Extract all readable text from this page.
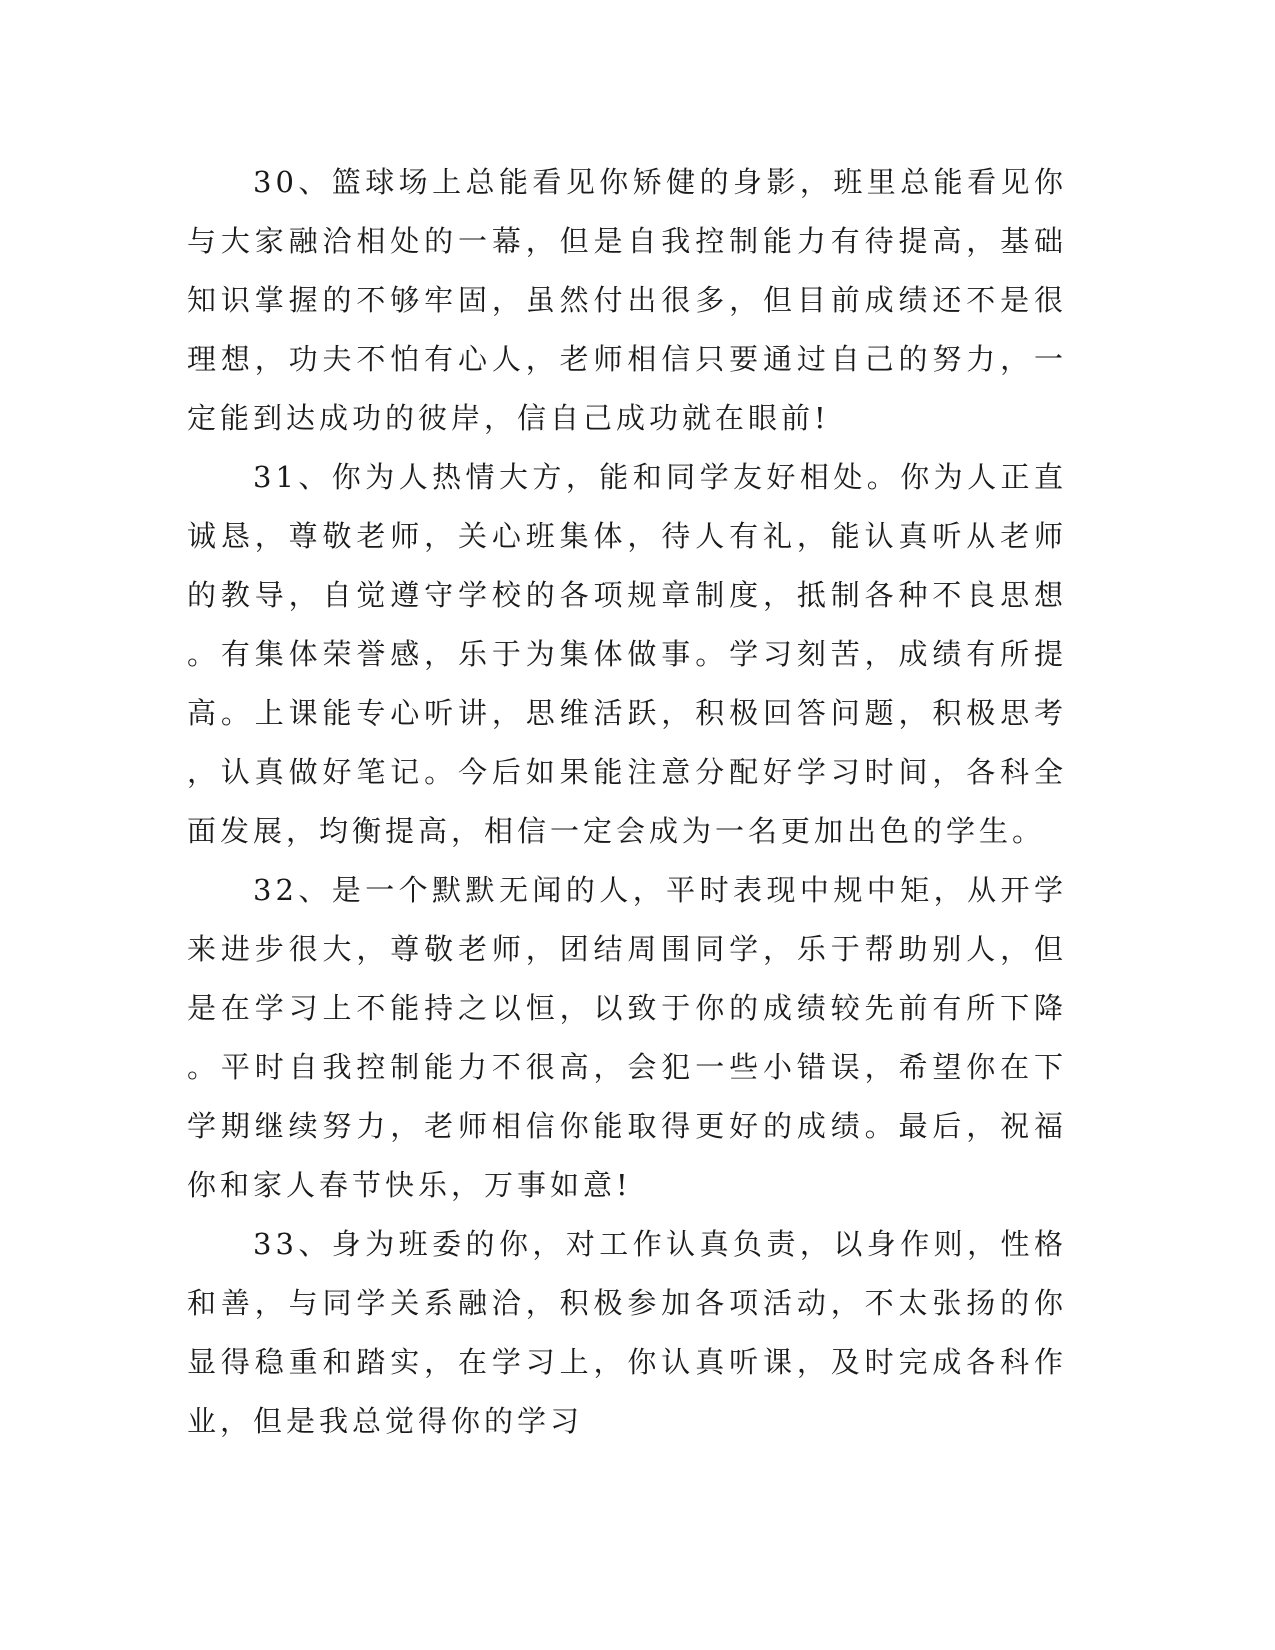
30、篮球场上总能看见你矫健的身影，班里总能看见你与大家融洽相处的一幕，但是自我控制能力有待提高，基础知识掌握的不够牢固，虽然付出很多，但目前成绩还不是很理想，功夫不怕有心人，老师相信只要通过自己的努力，一定能到达成功的彼岸，信自己成功就在眼前!

31、你为人热情大方，能和同学友好相处。你为人正直诚恳，尊敬老师，关心班集体，待人有礼，能认真听从老师的教导，自觉遵守学校的各项规章制度，抵制各种不良思想。有集体荣誉感，乐于为集体做事。学习刻苦，成绩有所提高。上课能专心听讲，思维活跃，积极回答问题，积极思考，认真做好笔记。今后如果能注意分配好学习时间，各科全面发展，均衡提高，相信一定会成为一名更加出色的学生。

32、是一个默默无闻的人，平时表现中规中矩，从开学来进步很大，尊敬老师，团结周围同学，乐于帮助别人，但是在学习上不能持之以恒，以致于你的成绩较先前有所下降。平时自我控制能力不很高，会犯一些小错误，希望你在下学期继续努力，老师相信你能取得更好的成绩。最后，祝福你和家人春节快乐，万事如意!

33、身为班委的你，对工作认真负责，以身作则，性格和善，与同学关系融洽，积极参加各项活动，不太张扬的你显得稳重和踏实，在学习上，你认真听课，及时完成各科作业，但是我总觉得你的学习
